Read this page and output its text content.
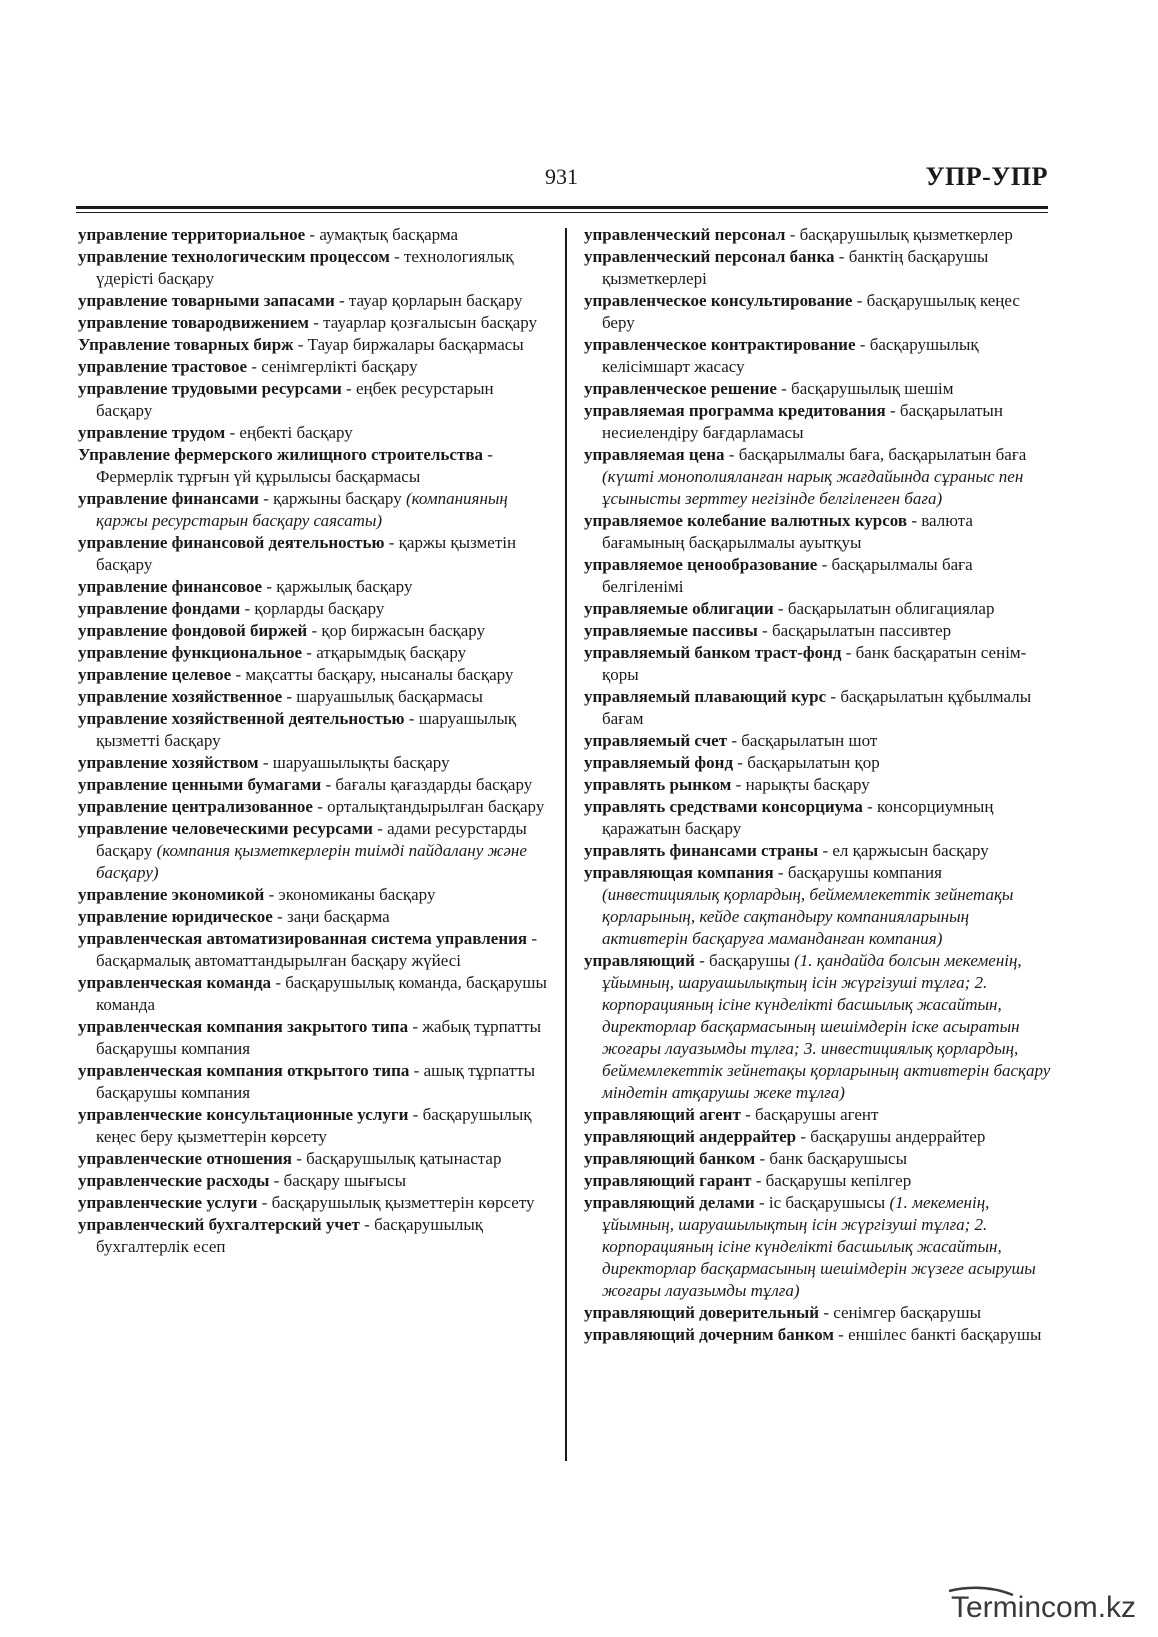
931	УПР-УПР

управление территориальное - аумақтық басқарма

управление технологическим процессом - технологиялық үдерісті басқару

управление товарными запасами - тауар қорларын басқару

управление товародвижением - тауарлар қозғалысын басқару

Управление товарных бирж - Тауар биржалары басқармасы

управление трастовое - сенімгерлікті басқару

управление трудовыми ресурсами - еңбек ресурстарын басқару

управление трудом - еңбекті басқару

Управление фермерского жилищного строительства - Фермерлік тұрғын үй құрылысы басқармасы

управление финансами - қаржыны басқару (компанияның қаржы ресурстарын басқару саясаты)

управление финансовой деятельностью - қаржы қызметін басқару

управление финансовое - қаржылық басқару

управление фондами - қорларды басқару

управление фондовой биржей - қор биржасын басқару

управление функциональное - атқарымдық басқару

управление целевое - мақсатты басқару, нысаналы басқару

управление хозяйственное - шаруашылық басқармасы

управление хозяйственной деятельностью - шаруашылық қызметті басқару

управление хозяйством - шаруашылықты басқару

управление ценными бумагами - бағалы қағаздарды басқару

управление централизованное - орталықтандырылған басқару

управление человеческими ресурсами - адами ресурстарды басқару (компания қызметкерлерін тиімді пайдалану және басқару)

управление экономикой - экономиканы басқару

управление юридическое - заңи басқарма

управленческая автоматизированная система управления - басқармалық автоматтандырылған басқару жүйесі

управленческая команда - басқарушылық команда, басқарушы команда

управленческая компания закрытого типа - жабық тұрпатты басқарушы компания

управленческая компания открытого типа - ашық тұрпатты басқарушы компания

управленческие консультационные услуги - басқарушылық кеңес беру қызметтерін көрсету

управленческие отношения - басқарушылық қатынастар

управленческие расходы - басқару шығысы

управленческие услуги - басқарушылық қызметтерін көрсету

управленческий бухгалтерский учет - басқарушылық бухгалтерлік есеп

управленческий персонал - басқарушылық қызметкерлер

управленческий персонал банка - банктің басқарушы қызметкерлері

управленческое консультирование - басқарушылық кеңес беру

управленческое контрактирование - басқарушылық келісімшарт жасасу

управленческое решение - басқарушылық шешім

управляемая программа кредитования - басқарылатын несиелендіру бағдарламасы

управляемая цена - басқарылмалы баға, басқарылатын баға (күшті монополияланған нарық жағдайында сұраныс пен ұсынысты зерттеу негізінде белгіленген баға)

управляемое колебание валютных курсов - валюта бағамының басқарылмалы ауытқуы

управляемое ценообразование - басқарылмалы баға белгіленімі

управляемые облигации - басқарылатын облигациялар

управляемые пассивы - басқарылатын пассивтер

управляемый банком траст-фонд - банк басқаратын сенім-қоры

управляемый плавающий курс - басқарылатын құбылмалы бағам

управляемый счет - басқарылатын шот

управляемый фонд - басқарылатын қор

управлять рынком - нарықты басқару

управлять средствами консорциума - консорциумның қаражатын басқару

управлять финансами страны - ел қаржысын басқару

управляющая компания - басқарушы компания (инвестициялық қорлардың, беймемлекеттік зейнетақы қорларының, кейде сақтандыру компанияларының активтерін басқаруға маманданған компания)

управляющий - басқарушы (1. қандайда болсын мекеменің, ұйымның, шаруашылықтың ісін жүргізуші тұлға; 2. корпорацияның ісіне күнделікті басшылық жасайтын, директорлар басқармасының шешімдерін іске асыратын жоғары лауазымды тұлға; 3. инвестициялық қорлардың, беймемлекеттік зейнетақы қорларының активтерін басқару міндетін атқарушы жеке тұлға)

управляющий агент - басқарушы агент

управляющий андеррайтер - басқарушы андеррайтер

управляющий банком - банк басқарушысы

управляющий гарант - басқарушы кепілгер

управляющий делами - іс басқарушысы (1. мекеменің, ұйымның, шаруашылықтың ісін жүргізуші тұлға; 2. корпорацияның ісіне күнделікті басшылық жасайтын, директорлар басқармасының шешімдерін жүзеге асырушы жоғары лауазымды тұлға)

управляющий доверительный - сенімгер басқарушы

управляющий дочерним банком - еншілес банкті басқарушы

Termincom.kz
